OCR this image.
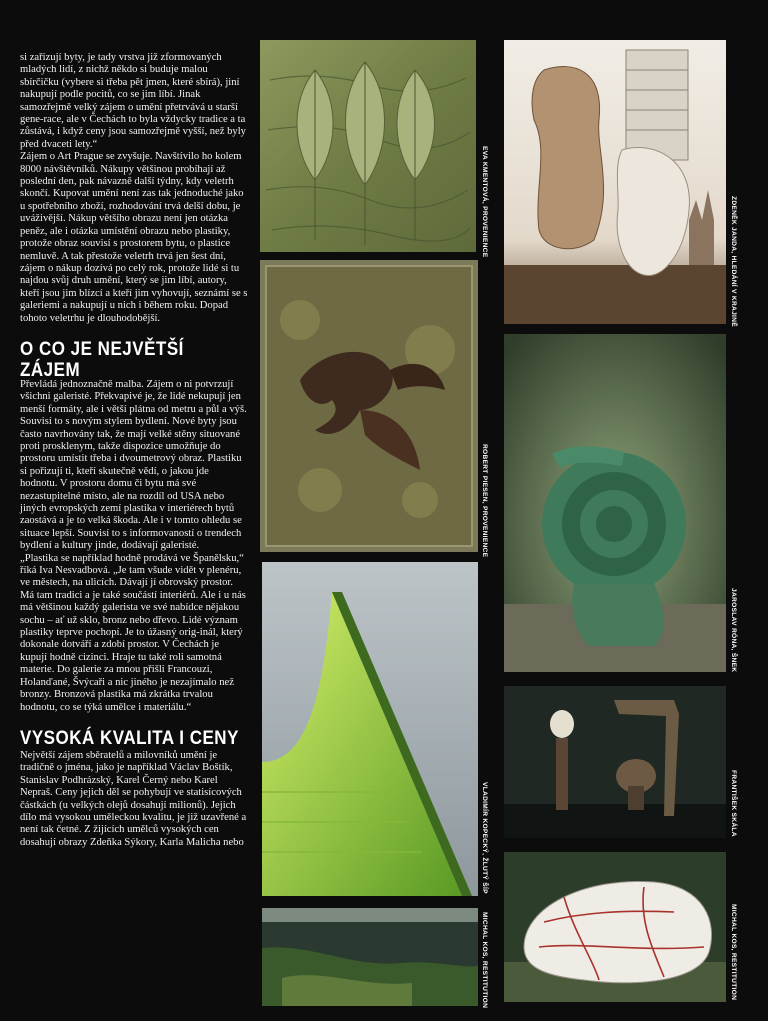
si zařizují byty, je tady vrstva již zformovaných mladých lidí, z nichž někdo si buduje malou sbírčičku (vybere si třeba pět jmen, které sbírá), jiní nakupují podle pocitů, co se jim líbí. Jinak samozřejmě velký zájem o umění přetrvává u starší gene-race, ale v Čechách to byla vždycky tradice a ta zůstává, i když ceny jsou samozřejmě vyšší, než byly před dvaceti lety.“

Zájem o Art Prague se zvyšuje. Navštívilo ho kolem 8000 návštěvníků. Nákupy většinou probíhají až poslední den, pak návazně další týdny, kdy veletrh skončí. Kupovat umění není zas tak jednoduché jako u spotřebního zboží, rozhodování trvá delší dobu, je uváživější. Nákup většího obrazu není jen otázka peněz, ale i otázka umístění obrazu nebo plastiky, protože obraz souvisí s prostorem bytu, o plastice nemluvě. A tak přestože veletrh trvá jen šest dní, zájem o nákup dozívá po celý rok, protože lidé si tu najdou svůj druh umění, který se jim líbí, autory, kteří jsou jim blízcí a kteří jim vyhovují, seznámí se s galeriemi a nakupují u nich i během roku. Dopad tohoto veletrhu je dlouhodobější.

O CO JE NEJVĚTŠÍ ZÁJEM

Převládá jednoznačně malba. Zájem o ni potvrzují všichni galeristé. Překvapivé je, že lidé nekupují jen menší formáty, ale i větší plátna od metru a půl a výš. Souvisí to s novým stylem bydlení. Nové byty jsou často navrhovány tak, že mají velké stěny situované proti prosklenym, takže dispozice umožňuje do prostoru umístit třeba i dvoumetrový obraz. Plastiku si pořizují ti, kteří skutečně vědí, o jakou jde hodnotu. V prostoru domu či bytu má své nezastupitelné místo, ale na rozdíl od USA nebo jiných evropských zemí plastika v interiérech bytů zaostává a je to velká škoda. Ale i v tomto ohledu se situace lepší. Souvisí to s informovaností o trendech bydlení a kultury jinde, dodávají galeristé.

„Plastika se například hodně prodává ve Španělsku,“ říká Iva Nesvadbová. „Je tam všude vidět v plenéru, ve městech, na ulicích. Dávají jí obrovský prostor. Má tam tradici a je také součástí interiérů. Ale i u nás má většinou každý galerista ve své nabídce nějakou sochu – ať už sklo, bronz nebo dřevo. Lidé význam plastiky teprve pochopí. Je to úžasný orig-inál, který dokonale dotváří a zdobí prostor. V Čechách je kupují hodně cizinci. Hraje tu také roli samotná materie. Do galerie za mnou přišli Francouzi, Holanďané, Švýcaři a nic jiného je nezajímalo než bronzy. Bronzová plastika má zkrátka trvalou hodnotu, co se týká umělce i materiálu.“

VYSOKÁ KVALITA I CENY

Největší zájem sběratelů a milovníků umění je tradičně o jména, jako je například Václav Boštík, Stanislav Podhrázský, Karel Černý nebo Karel Nepraš. Ceny jejich děl se pohybují ve statisícových částkách (u velkých olejů dosahují milionů). Jejich dílo má vysokou uměleckou kvalitu, je již uzavřené a není tak četné. Z žijících umělců vysokých cen dosahují obrazy Zdeňka Sýkory, Karla Malicha nebo

EVA KMENTOVÁ, PROVENIENCE	ZDENĚK JANDA, HLEDÁNÍ V KRAJINĚ
ROBERT PIESEN, PROVENIENCE
JAROSLAV RÓNA, ŠNEK
VLADIMÍR KOPECKÝ, ŽLUTÝ ŠÍP	FRANTIŠEK SKÁLA
MICHAL KOS, RESTITUTION	MICHAL KOS, RESTITUTION
